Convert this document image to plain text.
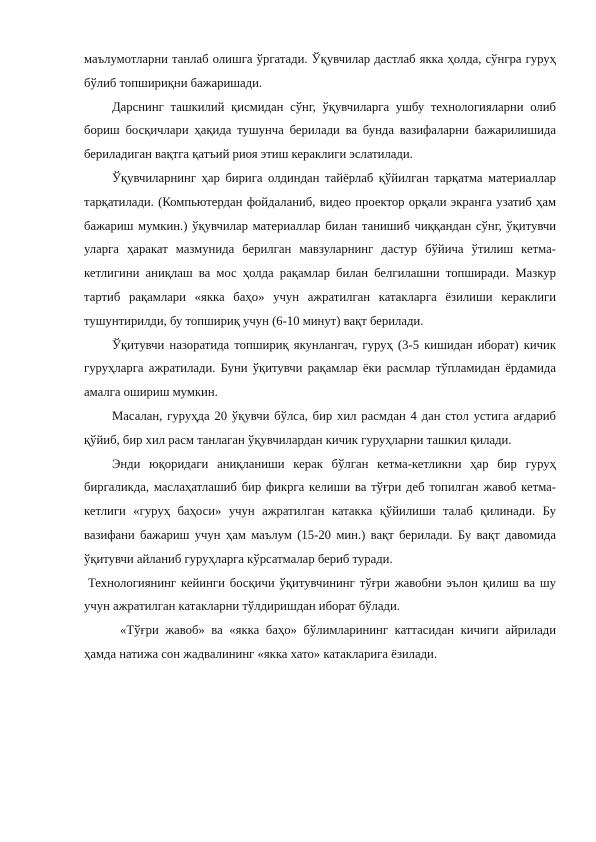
маълумотларни танлаб олишга ўргатади. Ўқувчилар дастлаб якка ҳолда, сўнгра гуруҳ бўлиб топшириқни бажаришади.

Дарснинг ташкилий қисмидан сўнг, ўқувчиларга ушбу технологияларни олиб бориш босқичлари ҳақида тушунча берилади ва бунда вазифаларни бажарилишида бериладиган вақтга қатъий риоя этиш кераклиги эслатилади.

Ўқувчиларнинг ҳар бирига олдиндан тайёрлаб қўйилган тарқатма материаллар тарқатилади. (Компьютердан фойдаланиб, видео проектор орқали экранга узатиб ҳам бажариш мумкин.) ўқувчилар материаллар билан танишиб чиққандан сўнг, ўқитувчи уларга ҳаракат мазмунида берилган мавзуларнинг дастур бўйича ўтилиш кетма-кетлигини аниқлаш ва мос ҳолда рақамлар билан белгилашни топширади. Мазкур тартиб рақамлари «якка баҳо» учун ажратилган катакларга ёзилиши кераклиги тушунтирилди, бу топшириқ учун (6-10 минут) вақт берилади.

Ўқитувчи назоратида топшириқ якунлангач, гуруҳ (3-5 кишидан иборат) кичик гуруҳларга ажратилади. Буни ўқитувчи рақамлар ёки расмлар тўпламидан ёрдамида амалга ошириш мумкин.

Масалан, гуруҳда 20 ўқувчи бўлса, бир хил расмдан 4 дан стол устига ағдариб қўйиб, бир хил расм танлаган ўқувчилардан кичик гуруҳларни ташкил қилади.

Энди юқоридаги аниқланиши керак бўлган кетма-кетликни ҳар бир гуруҳ биргаликда, маслаҳатлашиб бир фикрга келиши ва тўғри деб топилган жавоб кетма-кетлиги «гуруҳ баҳоси» учун ажратилган катакка қўйилиши талаб қилинади. Бу вазифани бажариш учун ҳам маълум (15-20 мин.) вақт берилади. Бу вақт давомида ўқитувчи айланиб гуруҳларга кўрсатмалар бериб туради.

Технологиянинг кейинги босқичи ўқитувчининг тўғри жавобни эълон қилиш ва шу учун ажратилган катакларни тўлдиришдан иборат бўлади.

«Тўғри жавоб» ва «якка баҳо» бўлимларининг каттасидан кичиги айрилади ҳамда натижа сон жадвалининг «якка хато» катакларига ёзилади.
